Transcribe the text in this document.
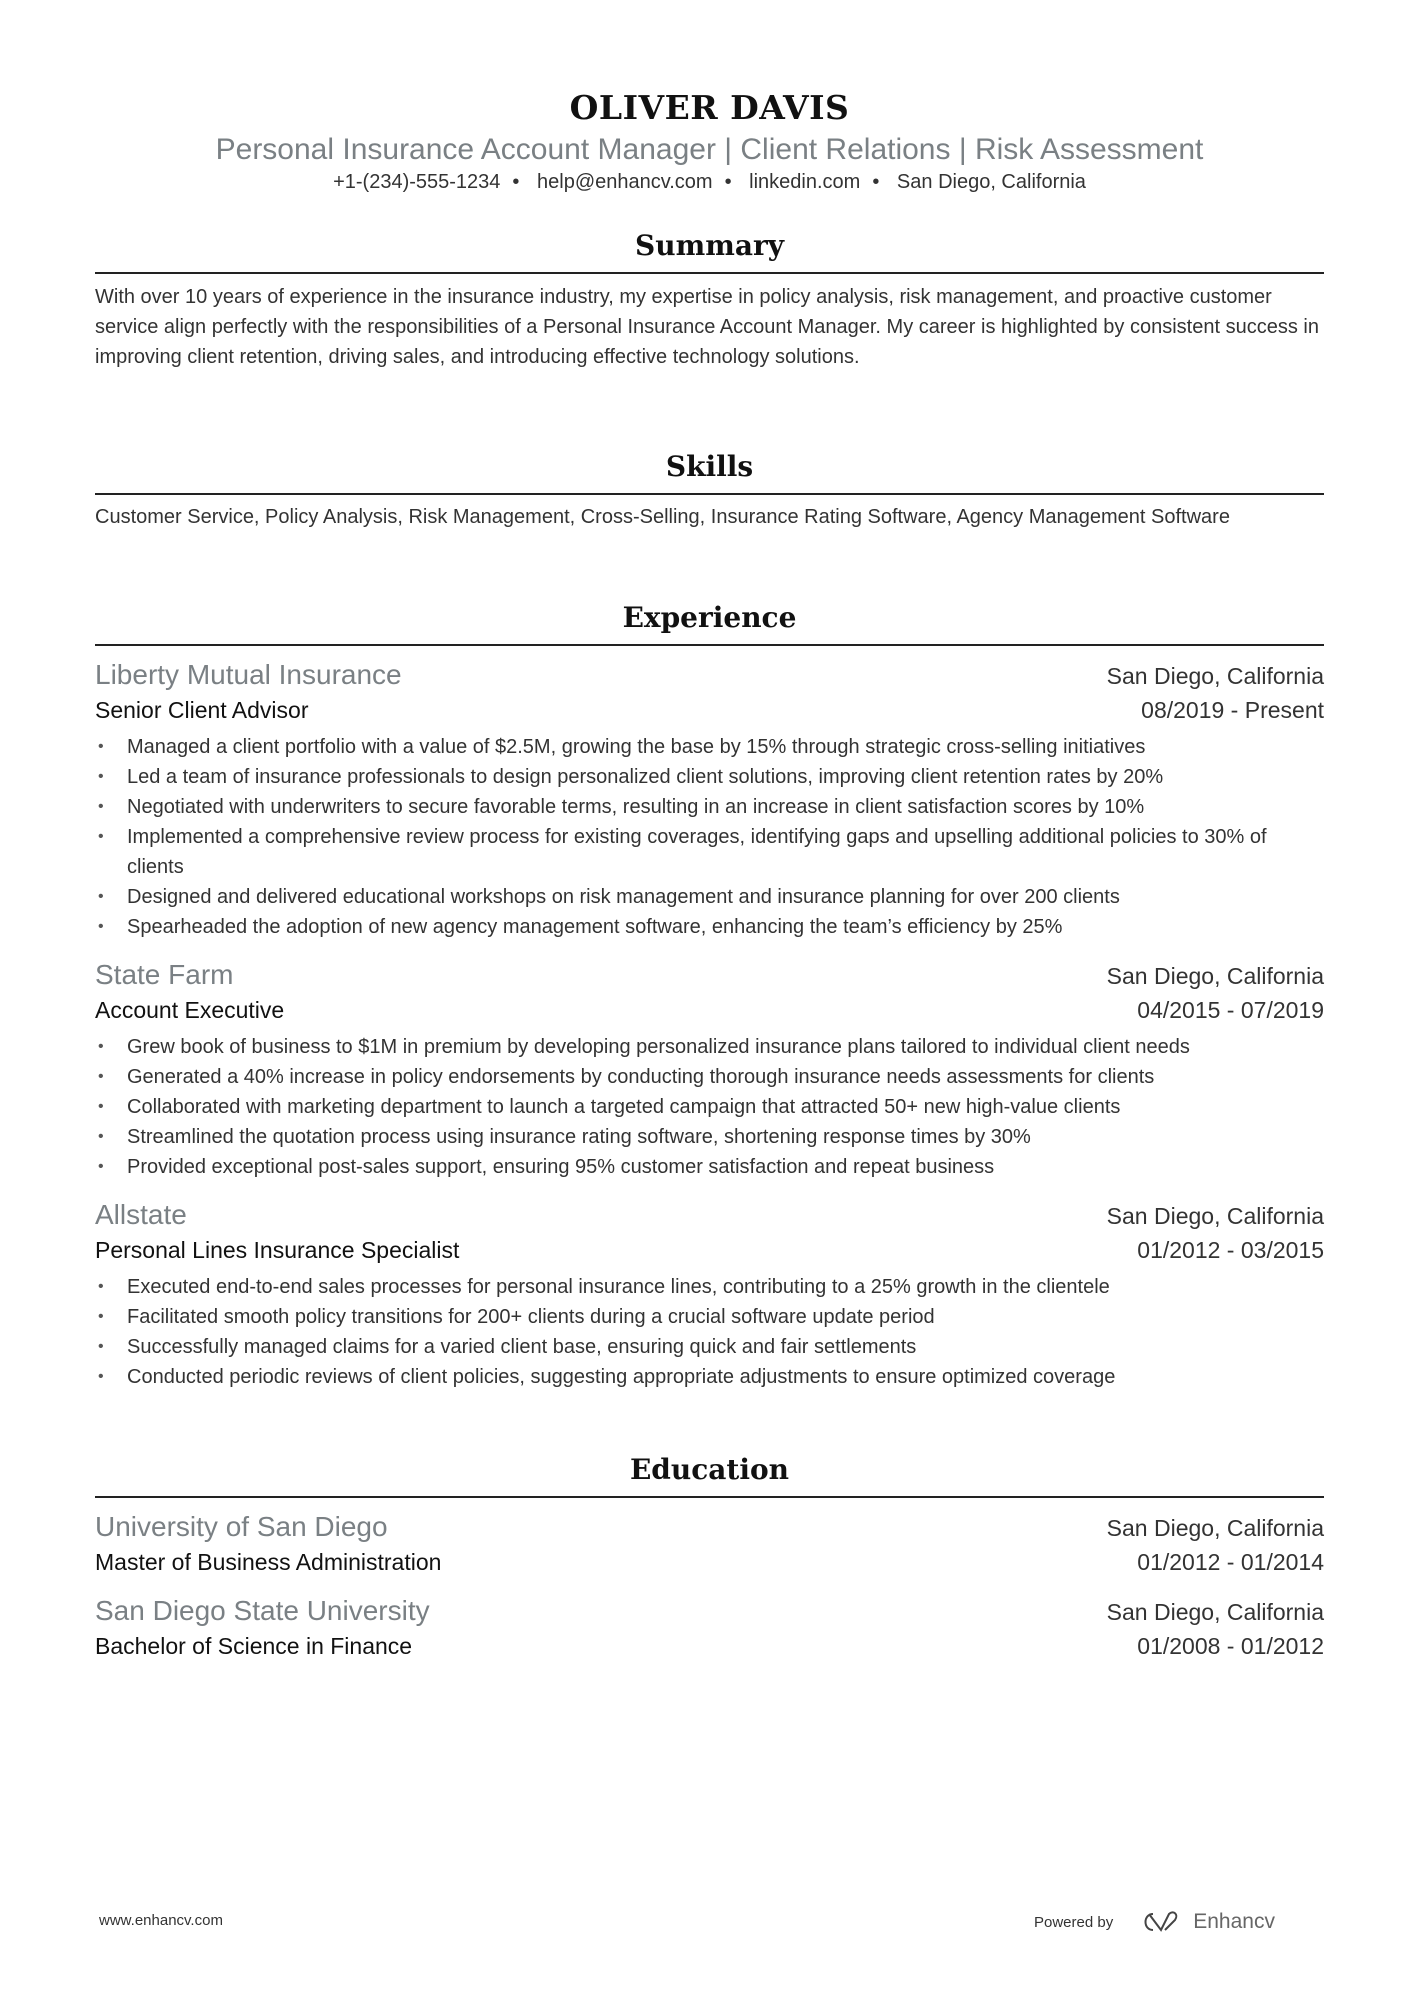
OLIVER DAVIS
Personal Insurance Account Manager | Client Relations | Risk Assessment
+1-(234)-555-1234 • help@enhancv.com • linkedin.com • San Diego, California
Summary

With over 10 years of experience in the insurance industry, my expertise in policy analysis, risk management, and proactive customer service align perfectly with the responsibilities of a Personal Insurance Account Manager. My career is highlighted by consistent success in improving client retention, driving sales, and introducing effective technology solutions.

Skills

Customer Service, Policy Analysis, Risk Management, Cross-Selling, Insurance Rating Software, Agency Management Software

Experience
Liberty Mutual Insurance	San Diego, California
Senior Client Advisor	08/2019 - Present
• Managed a client portfolio with a value of $2.5M, growing the base by 15% through strategic cross-selling initiatives
• Led a team of insurance professionals to design personalized client solutions, improving client retention rates by 20%
• Negotiated with underwriters to secure favorable terms, resulting in an increase in client satisfaction scores by 10%
• Implemented a comprehensive review process for existing coverages, identifying gaps and upselling additional policies to 30% of clients
• Designed and delivered educational workshops on risk management and insurance planning for over 200 clients
• Spearheaded the adoption of new agency management software, enhancing the team’s efficiency by 25%
State Farm	San Diego, California
Account Executive	04/2015 - 07/2019
• Grew book of business to $1M in premium by developing personalized insurance plans tailored to individual client needs
• Generated a 40% increase in policy endorsements by conducting thorough insurance needs assessments for clients
• Collaborated with marketing department to launch a targeted campaign that attracted 50+ new high-value clients
• Streamlined the quotation process using insurance rating software, shortening response times by 30%
• Provided exceptional post-sales support, ensuring 95% customer satisfaction and repeat business
Allstate	San Diego, California
Personal Lines Insurance Specialist	01/2012 - 03/2015
• Executed end-to-end sales processes for personal insurance lines, contributing to a 25% growth in the clientele
• Facilitated smooth policy transitions for 200+ clients during a crucial software update period
• Successfully managed claims for a varied client base, ensuring quick and fair settlements
• Conducted periodic reviews of client policies, suggesting appropriate adjustments to ensure optimized coverage
Education
University of San Diego	San Diego, California
Master of Business Administration	01/2012 - 01/2014
San Diego State University	San Diego, California
Bachelor of Science in Finance	01/2008 - 01/2012
www.enhancv.com	Powered by	Enhancv
